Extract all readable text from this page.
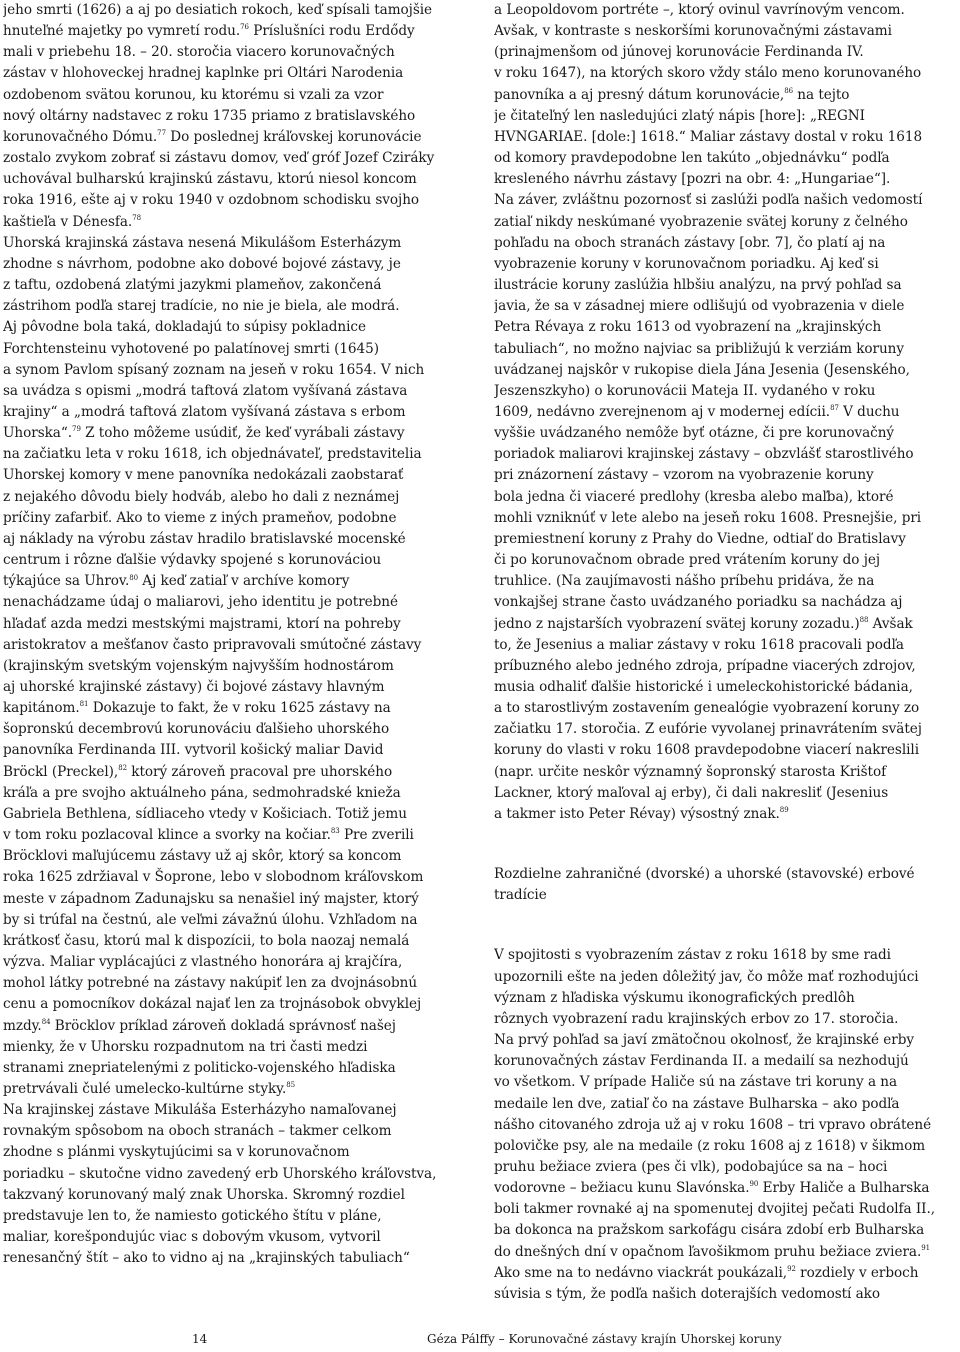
jeho smrti (1626) a aj po desiatich rokoch, keď spísali tamojšie
hnuteľné majetky po vymretí rodu.$^{76}$ Príslušníci rodu Erdődy
mali v priebehu 18. – 20. storočia viacero korunovačných
zástav v hlohoveckej hradnej kaplnke pri Oltári Narodenia
ozdobenom svätou korunou, ku ktorému si vzali za vzor
nový oltárny nadstavec z roku 1735 priamo z bratislavského
korunovačného Dómu.$^{77}$ Do poslednej kráľovskej korunovácie
zostalo zvykom zobrať si zástavu domov, veď gróf Jozef Cziráky
uchovával bulharskú krajinskú zástavu, ktorú niesol koncom
roka 1916, ešte aj v roku 1940 v ozdobnom schodisku svojho
kaštieľa v Dénesfa.$^{78}$

Uhorská krajinská zástava nesená Mikulášom Esterházym
zhodne s návrhom, podobne ako dobové bojové zástavy, je
z taftu, ozdobená zlatými jazykmi plameňov, zakončená
zástrihom podľa starej tradície, no nie je biela, ale modrá.
Aj pôvodne bola taká, dokladajú to súpisy pokladnice
Forchtensteinu vyhotovené po palatínovej smrti (1645)
a synom Pavlom spísaný zoznam na jeseň v roku 1654. V nich
sa uvádza s opismi „modrá taftová zlatom vyšívaná zástava
krajiny“ a „modrá taftová zlatom vyšívaná zástava s erbom
Uhorska“.$^{79}$ Z toho môžeme usúdiť, že keď vyrábali zástavy
na začiatku leta v roku 1618, ich objednávateľ, predstavitelia
Uhorskej komory v mene panovníka nedokázali zaobstarať
z nejakého dôvodu biely hodváb, alebo ho dali z neznámej
príčiny zafarbiť. Ako to vieme z iných prameňov, podobne
aj náklady na výrobu zástav hradilo bratislavské mocenské
centrum i rôzne ďalšie výdavky spojené s korunováciou
týkajúce sa Uhrov.$^{80}$ Aj keď zatiaľ v archíve komory
nenachádzame údaj o maliarovi, jeho identitu je potrebné
hľadať azda medzi mestskými majstrami, ktorí na pohreby
aristokratov a mešťanov často pripravovali smútočné zástavy
(krajinským svetským vojenským najvyšším hodnostárom
aj uhorské krajinské zástavy) či bojové zástavy hlavným
kapitánom.$^{81}$ Dokazuje to fakt, že v roku 1625 zástavy na
šopronskú decembrovú korunováciu ďalšieho uhorského
panovníka Ferdinanda III. vytvoril košický maliar David
Bröckl (Preckel),$^{82}$ ktorý zároveň pracoval pre uhorského
kráľa a pre svojho aktuálneho pána, sedmohradské knieža
Gabriela Bethlena, sídliaceho vtedy v Košiciach. Totiž jemu
v tom roku pozlacoval klince a svorky na kočiar.$^{83}$ Pre zverili
Bröcklovi maľujúcemu zástavy už aj skôr, ktorý sa koncom
roka 1625 zdržiaval v Šoprone, lebo v slobodnom kráľovskom
meste v západnom Zadunajsku sa nenašiel iný majster, ktorý
by si trúfal na čestnú, ale veľmi závažnú úlohu. Vzhľadom na
krátkosť času, ktorú mal k dispozícii, to bola naozaj nemalá
výzva. Maliar vyplácajúci z vlastného honorára aj krajčíra,
mohol látky potrebné na zástavy nakúpiť len za dvojnásobnú
cenu a pomocníkov dokázal najať len za trojnásobok obvyklej
mzdy.$^{84}$ Bröcklov príklad zároveň dokladá správnosť našej
mienky, že v Uhorsku rozpadnutom na tri časti medzi
stranami znepriatelenými z politicko-vojenského hľadiska
pretrvávali čulé umelecko-kultúrne styky.$^{85}$

Na krajinskej zástave Mikuláša Esterházyho namaľovanej
rovnakým spôsobom na oboch stranách – takmer celkom
zhodne s plánmi vyskytujúcimi sa v korunovačnom
poriadku – skutočne vidno zavedený erb Uhorského kráľovstva,
takzvaný korunovaný malý znak Uhorska. Skromný rozdiel
predstavuje len to, že namiesto gotického štítu v pláne,
maliar, korešpondujúc viac s dobovým vkusom, vytvoril
renesančný štít – ako to vidno aj na „krajinských tabuliach“

a Leopoldovom portréte –, ktorý ovinul vavrínovým vencom.
Avšak, v kontraste s neskoršími korunovačnými zástavami
(prinajmenšom od júnovej korunovácie Ferdinanda IV.
v roku 1647), na ktorých skoro vždy stálo meno korunovaného
panovníka a aj presný dátum korunovácie,$^{86}$ na tejto
je čitateľný len nasledujúci zlatý nápis [hore]: „REGNI
HVNGARIAE. [dole:] 1618.“ Maliar zástavy dostal v roku 1618
od komory pravdepodobne len takúto „objednávku“ podľa
kresleného návrhu zástavy [pozri na obr. 4: „Hungariae“].
Na záver, zvláštnu pozornosť si zaslúži podľa našich vedomostí
zatiaľ nikdy neskúmané vyobrazenie svätej koruny z čelného
pohľadu na oboch stranách zástavy [obr. 7], čo platí aj na
vyobrazenie koruny v korunovačnom poriadku. Aj keď si
ilustrácie koruny zaslúžia hlbšiu analýzu, na prvý pohľad sa
javia, že sa v zásadnej miere odlišujú od vyobrazenia v diele
Petra Révaya z roku 1613 od vyobrazení na „krajinských
tabuliach“, no možno najviac sa približujú k verziám koruny
uvádzanej najskôr v rukopise diela Jána Jesenia (Jesenského,
Jeszenszkyho) o korunovácii Mateja II. vydaného v roku
1609, nedávno zverejnenom aj v modernej edícii.$^{87}$ V duchu
vyššie uvádzaného nemôže byť otázne, či pre korunovačný
poriadok maliarovi krajinskej zástavy – obzvlášť starostlivého
pri znázornení zástavy – vzorom na vyobrazenie koruny
bola jedna či viaceré predlohy (kresba alebo maľba), ktoré
mohli vzniknúť v lete alebo na jeseň roku 1608. Presnejšie, pri
premiestnení koruny z Prahy do Viedne, odtiaľ do Bratislavy
či po korunovačnom obrade pred vrátením koruny do jej
truhlice. (Na zaujímavosti nášho príbehu pridáva, že na
vonkajšej strane často uvádzaného poriadku sa nachádza aj
jedno z najstarších vyobrazení svätej koruny zozadu.)$^{88}$ Avšak
to, že Jesenius a maliar zástavy v roku 1618 pracovali podľa
príbuzného alebo jedného zdroja, prípadne viacerých zdrojov,
musia odhaliť ďalšie historické i umeleckohistorické bádania,
a to starostlivým zostavením genealógie vyobrazení koruny zo
začiatku 17. storočia. Z eufórie vyvolanej prinavrátením svätej
koruny do vlasti v roku 1608 pravdepodobne viacerí nakreslili
(napr. určite neskôr významný šopronský starosta Krištof
Lackner, ktorý maľoval aj erby), či dali nakresliť (Jesenius
a takmer isto Peter Révay) výsostný znak.$^{89}$

Rozdielne zahraničné (dvorské) a uhorské (stavovské) erbové
tradície

V spojitosti s vyobrazením zástav z roku 1618 by sme radi
upozornili ešte na jeden dôležitý jav, čo môže mať rozhodujúci
význam z hľadiska výskumu ikonografických predlôh
rôznych vyobrazení radu krajinských erbov zo 17. storočia.
Na prvý pohľad sa javí zmätočnou okolnosť, že krajinské erby
korunovačných zástav Ferdinanda II. a medailí sa nezhodujú
vo všetkom. V prípade Haliče sú na zástave tri koruny a na
medaile len dve, zatiaľ čo na zástave Bulharska – ako podľa
nášho citovaného zdroja už aj v roku 1608 – tri vpravo obrátené
polovičke psy, ale na medaile (z roku 1608 aj z 1618) v šikmom
pruhu bežiace zviera (pes či vlk), podobajúce sa na – hoci
vodorovne – bežiacu kunu Slavónska.$^{90}$ Erby Haliče a Bulharska
boli takmer rovnaké aj na spomenutej dvojitej pečati Rudolfa II.,
ba dokonca na pražskom sarkofágu cisára zdobí erb Bulharska
do dnešných dní v opačnom ľavošikmom pruhu bežiace zviera.$^{91}$
Ako sme na to nedávno viackrát poukázali,$^{92}$ rozdiely v erboch
súvisia s tým, že podľa našich doterajších vedomostí ako

14	Géza Pálffy – Korunovačné zástavy krajín Uhorskej koruny
